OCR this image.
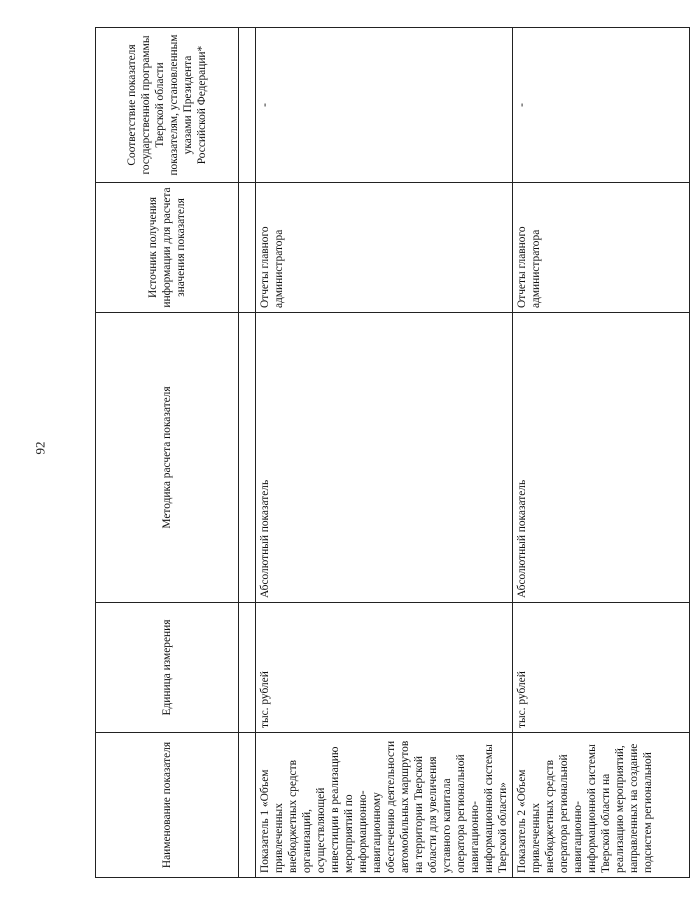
92
Наименование показателя	Единица измерения	Методика расчета показателя	Источник получения информации для расчета значения показателя	Соответствие показателя государственной программы Тверской области показателям, установленным указами Президента Российской Федерации*

Показатель 1 «Объем привлеченных внебюджетных средств организаций, осуществляющей инвестиции в реализацию мероприятий по информационно-навигационному обеспечению деятельности автомобильных маршрутов на территории Тверской области для увеличения уставного капитала оператора региональной навигационно-информационной системы Тверской области»	тыс. рублей	Абсолютный показатель	Отчеты главного администратора	-
Показатель 2 «Объем привлеченных внебюджетных средств оператора региональной навигационно-информационной системы Тверской области на реализацию мероприятий, направленных на создание подсистем региональной	тыс. рублей	Абсолютный показатель	Отчеты главного администратора	-
